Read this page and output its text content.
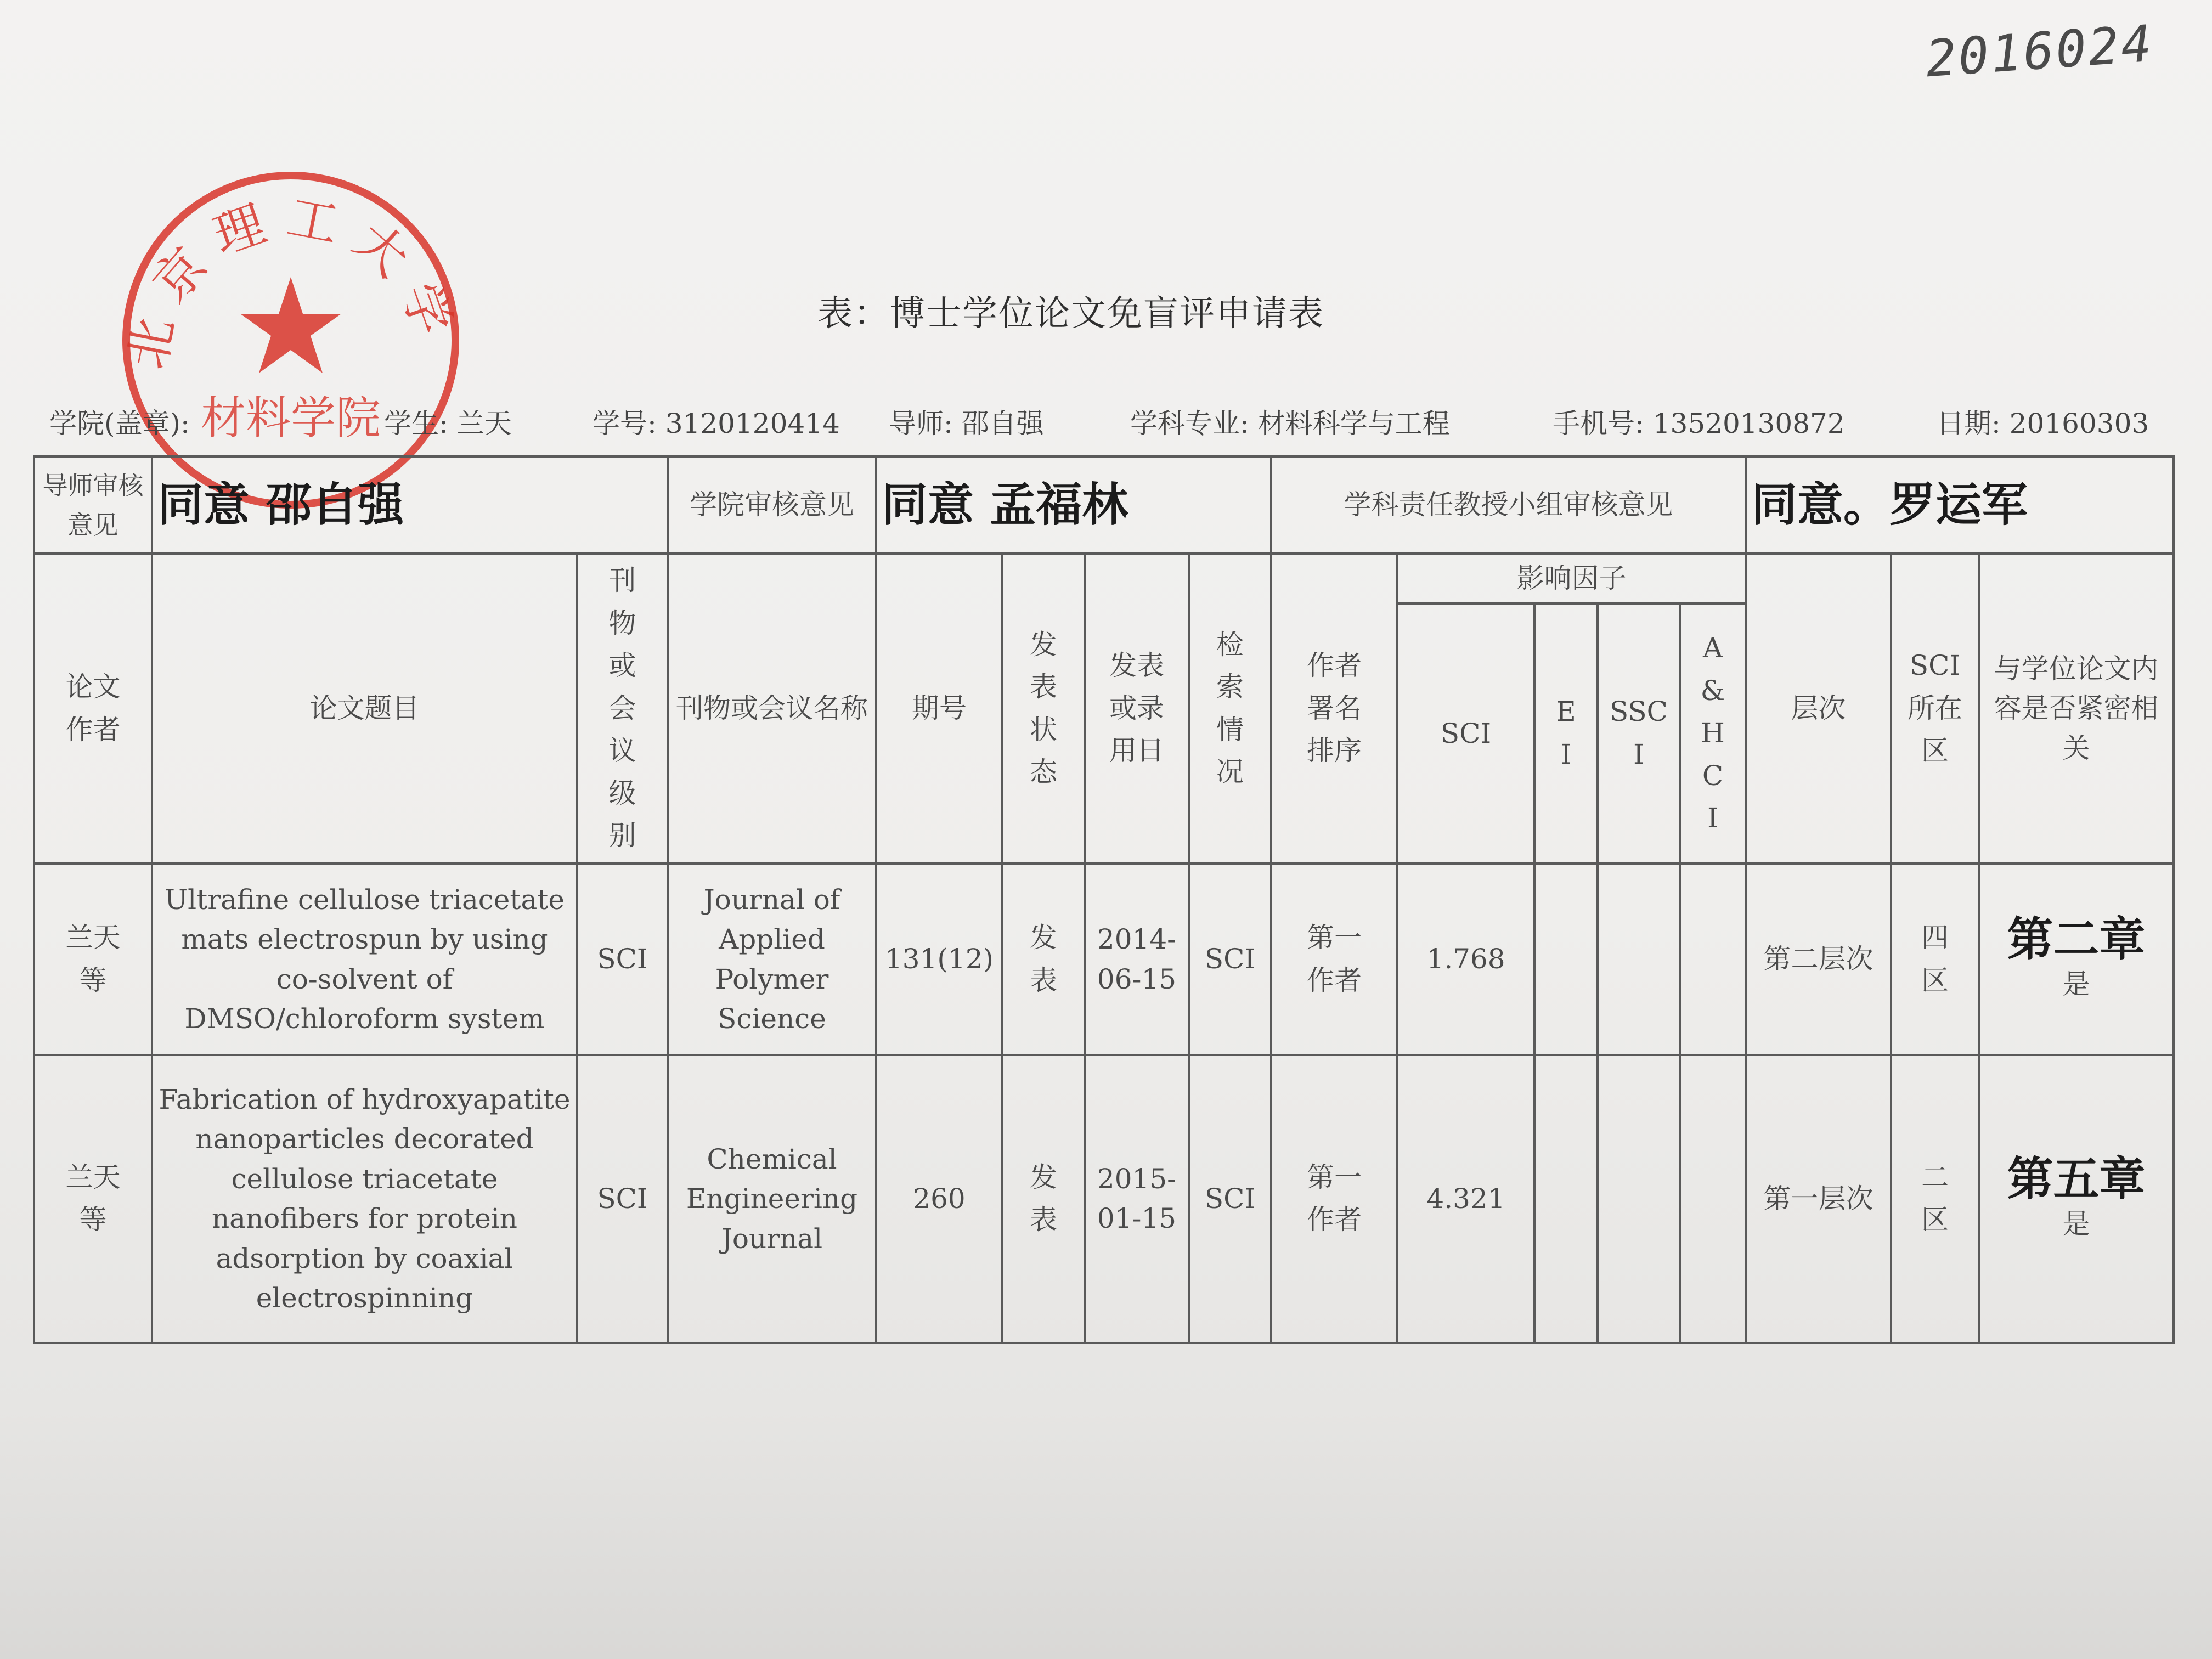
2016024
北京理工大学
材料学院
表：博士学位论文免盲评申请表
学院(盖章):	学生: 兰天	学号: 3120120414 导师: 邵自强	学科专业: 材料科学与工程	手机号: 13520130872	日期: 20160303
导师审核意见	同意 邵自强		学院审核意见	同意 孟福林				学科责任教授小组审核意见					同意。罗运军		

论文作者	论文题目	刊物或会议级别	刊物或会议名称	期号	发表状态	发表或录用日	检索情况	作者署名排序	影响因子				层次	SCI所在区	与学位论文内容是否紧密相关
									SCI	EI	SSCI	A&HCI			
兰天等	Ultrafine cellulose triacetate mats electrospun by using co-solvent of DMSO/chloroform system	SCI	Journal of Applied Polymer Science	131(12)	发表	2014-06-15	SCI	第一作者	1.768				第二层次	四区	第二章
是

兰天等	Fabrication of hydroxyapatite nanoparticles decorated cellulose triacetate nanofibers for protein adsorption by coaxial electrospinning	SCI	Chemical Engineering Journal	260	发表	2015-01-15	SCI	第一作者	4.321				第一层次	二区	第五章
是
